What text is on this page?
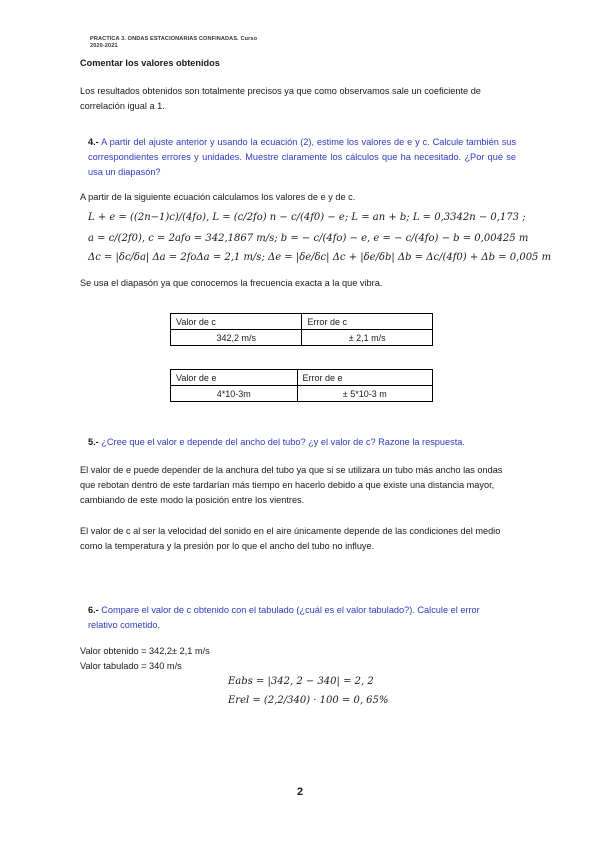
PRACTICA 3. ONDAS ESTACIONARIAS CONFINADAS. Curso
2020-2021
Comentar los valores obtenidos
Los resultados obtenidos son totalmente precisos ya que como observamos sale un coeficiente de correlación igual a 1.
4.- A partir del ajuste anterior y usando la ecuación (2), estime los valores de e y c. Calcule también sus correspondientes errores y unidades. Muestre claramente los cálculos que ha necesitado. ¿Por qué se usa un diapasón?
A partir de la siguiente ecuación calculamos los valores de e y de c.
L + e = ((2n−1)c)/(4fo), L = (c/2fo) n − c/(4f0) − e; L = an + b; L = 0,3342n − 0,173 ;
a = c/(2f0), c = 2afo = 342,1867 m/s; b = − c/(4fo) − e, e = − c/(4fo) − b = 0,00425 m
Δc = |δc/δa| Δa = 2foΔa = 2,1 m/s; Δe = |δe/δc| Δc + |δe/δb| Δb = Δc/(4f0) + Δb = 0,005 m
Se usa el diapasón ya que conocemos la frecuencia exacta a la que vibra.
Valor de c	Error de c
342,2 m/s	± 2,1 m/s
Valor de e	Error de e
4*10-3m	± 5*10-3 m
5.- ¿Cree que el valor e depende del ancho del tubo? ¿y el valor de c? Razone la respuesta.
El valor de e puede depender de la anchura del tubo ya que si se utilizara un tubo más ancho las ondas que rebotan dentro de este tardarían más tiempo en hacerlo debido a que existe una distancia mayor, cambiando de este modo la posición entre los vientres.
El valor de c al ser la velocidad del sonido en el aire únicamente depende de las condiciones del medio como la temperatura y la presión por lo que el ancho del tubo no influye.
6.- Compare el valor de c obtenido con el tabulado (¿cuál es el valor tabulado?). Calcule el error relativo cometido.
Valor obtenido = 342,2± 2,1 m/s
Valor tabulado = 340 m/s
Eabs = |342, 2 − 340| = 2, 2
Erel = (2,2/340) · 100 = 0, 65%
2
